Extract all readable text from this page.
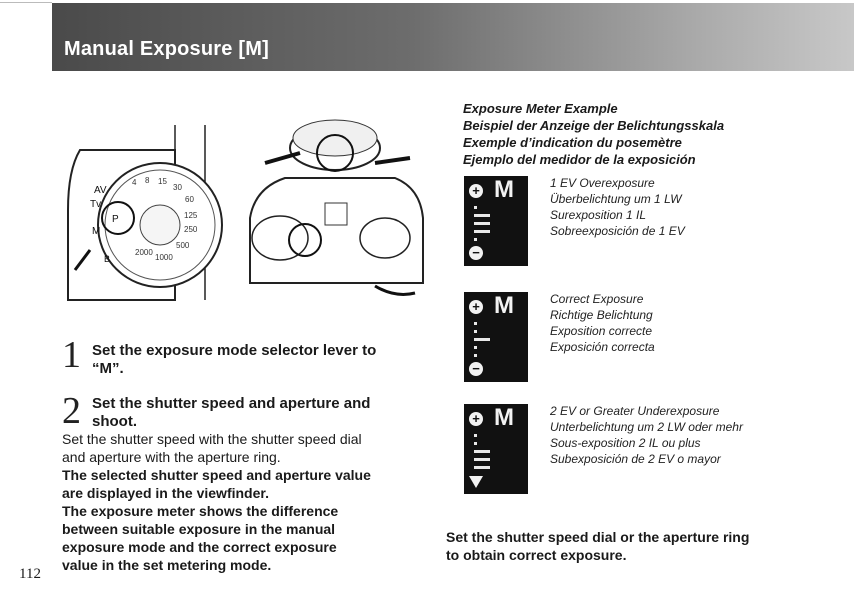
Manual Exposure [M]
AV
Tv
P
M
B
4 8 15
30
60
125
250
500
1000
2000
1 Set the exposure mode selector lever to
“M”.
2 Set the shutter speed and aperture and
shoot.
Set the shutter speed with the shutter speed dial
and aperture with the aperture ring.
The selected shutter speed and aperture value
are displayed in the viewfinder.
The exposure meter shows the difference
between suitable exposure in the manual
exposure mode and the correct exposure
value in the set metering mode.
112
Exposure Meter Example
Beispiel der Anzeige der Belichtungsskala
Exemple d’indication du posemètre
Ejemplo del medidor de la exposición
+ M
−
1 EV Overexposure
Überbelichtung um 1 LW
Surexposition 1 IL
Sobreexposición de 1 EV
+ M
−
Correct Exposure
Richtige Belichtung
Exposition correcte
Exposición correcta
+ M	2 EV or Greater Underexposure
Unterbelichtung um 2 LW oder mehr
Sous-exposition 2 IL ou plus
Subexposición de 2 EV o mayor
Set the shutter speed dial or the aperture ring
to obtain correct exposure.
